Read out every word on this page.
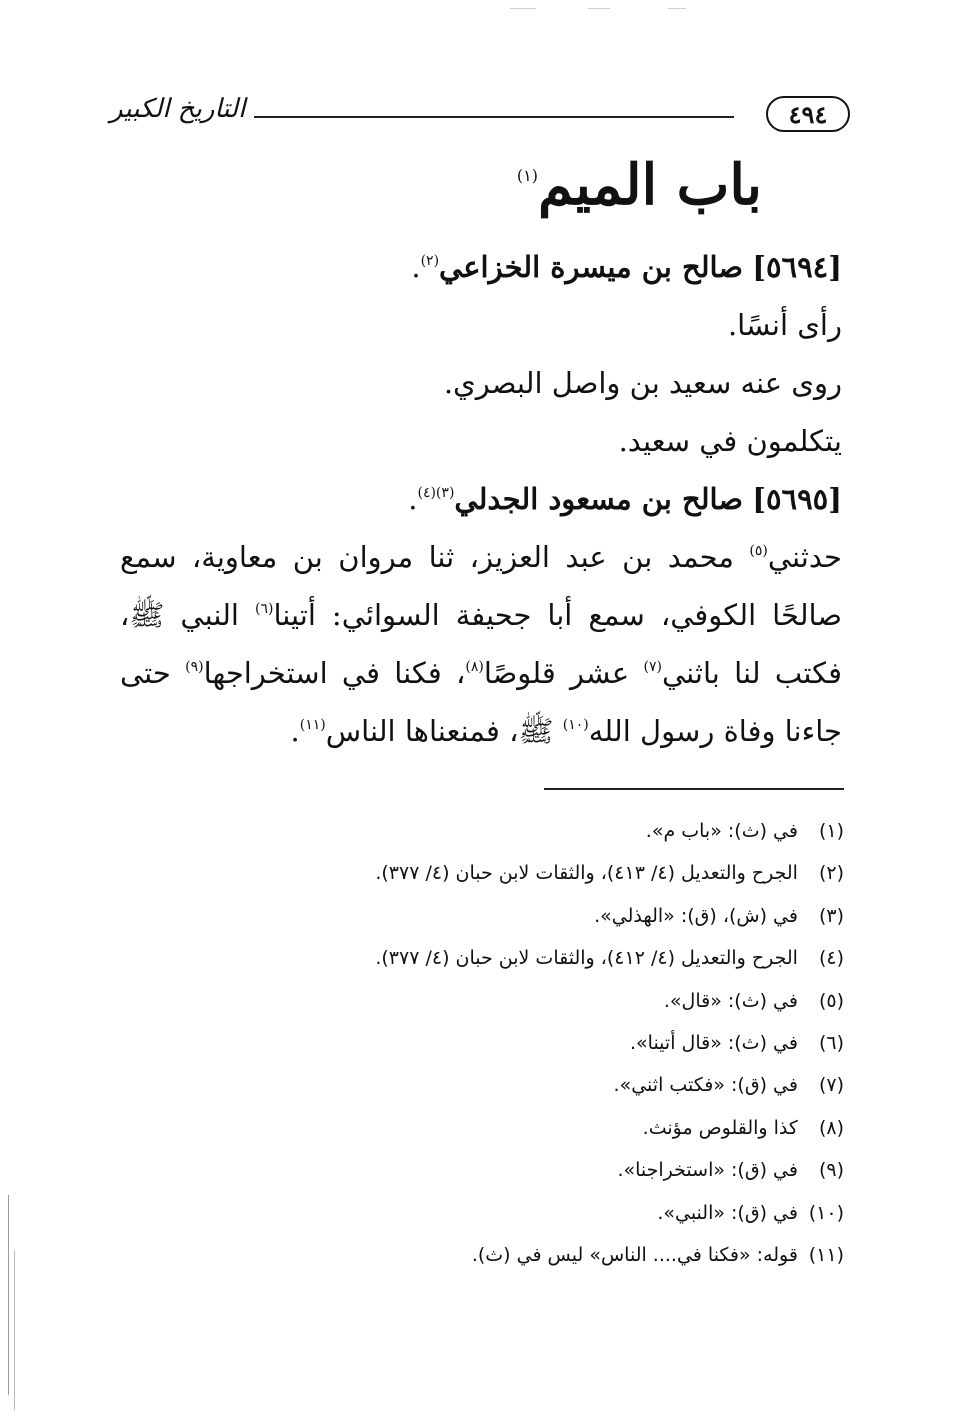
التاريخ الكبير	٤٩٤
باب الميم$^{(١)}$
[٥٦٩٤] صالح بن ميسرة الخزاعي$^{(٢)}$.
رأى أنسًا.
روى عنه سعيد بن واصل البصري.
يتكلمون في سعيد.
[٥٦٩٥] صالح بن مسعود الجدلي$^{(٣)(٤)}$.
حدثني$^{(٥)}$ محمد بن عبد العزيز، ثنا مروان بن معاوية، سمع صالحًا الكوفي، سمع أبا جحيفة السوائي: أتينا$^{(٦)}$ النبي ﷺ، فكتب لنا باثني$^{(٧)}$ عشر قلوصًا$^{(٨)}$، فكنا في استخراجها$^{(٩)}$ حتى جاءنا وفاة رسول الله$^{(١٠)}$ ﷺ، فمنعناها الناس$^{(١١)}$.
(١) في (ث): «باب م».
(٢) الجرح والتعديل (٤/ ٤١٣)، والثقات لابن حبان (٤/ ٣٧٧).
(٣) في (ش)، (ق): «الهذلي».
(٤) الجرح والتعديل (٤/ ٤١٢)، والثقات لابن حبان (٤/ ٣٧٧).
(٥) في (ث): «قال».
(٦) في (ث): «قال أتينا».
(٧) في (ق): «فكتب اثني».
(٨) كذا والقلوص مؤنث.
(٩) في (ق): «استخراجنا».
(١٠) في (ق): «النبي».
(١١) قوله: «فكنا في.... الناس» ليس في (ث).
